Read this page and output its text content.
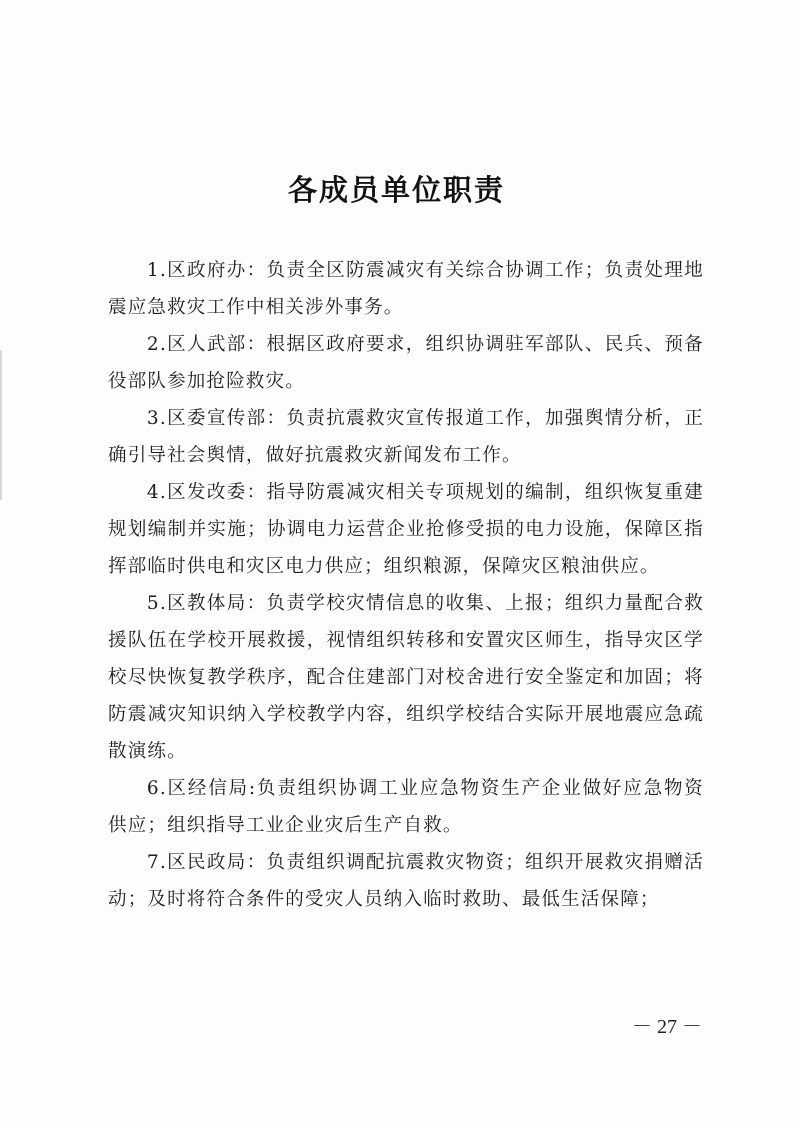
各成员单位职责

1.区政府办：负责全区防震减灾有关综合协调工作；负责处理地震应急救灾工作中相关涉外事务。

2.区人武部：根据区政府要求，组织协调驻军部队、民兵、预备役部队参加抢险救灾。

3.区委宣传部：负责抗震救灾宣传报道工作，加强舆情分析，正确引导社会舆情，做好抗震救灾新闻发布工作。

4.区发改委：指导防震减灾相关专项规划的编制，组织恢复重建规划编制并实施；协调电力运营企业抢修受损的电力设施，保障区指挥部临时供电和灾区电力供应；组织粮源，保障灾区粮油供应。

5.区教体局：负责学校灾情信息的收集、上报；组织力量配合救援队伍在学校开展救援，视情组织转移和安置灾区师生，指导灾区学校尽快恢复教学秩序，配合住建部门对校舍进行安全鉴定和加固；将防震减灾知识纳入学校教学内容，组织学校结合实际开展地震应急疏散演练。

6.区经信局:负责组织协调工业应急物资生产企业做好应急物资供应；组织指导工业企业灾后生产自救。

7.区民政局：负责组织调配抗震救灾物资；组织开展救灾捐赠活动；及时将符合条件的受灾人员纳入临时救助、最低生活保障；

－ 27 －
